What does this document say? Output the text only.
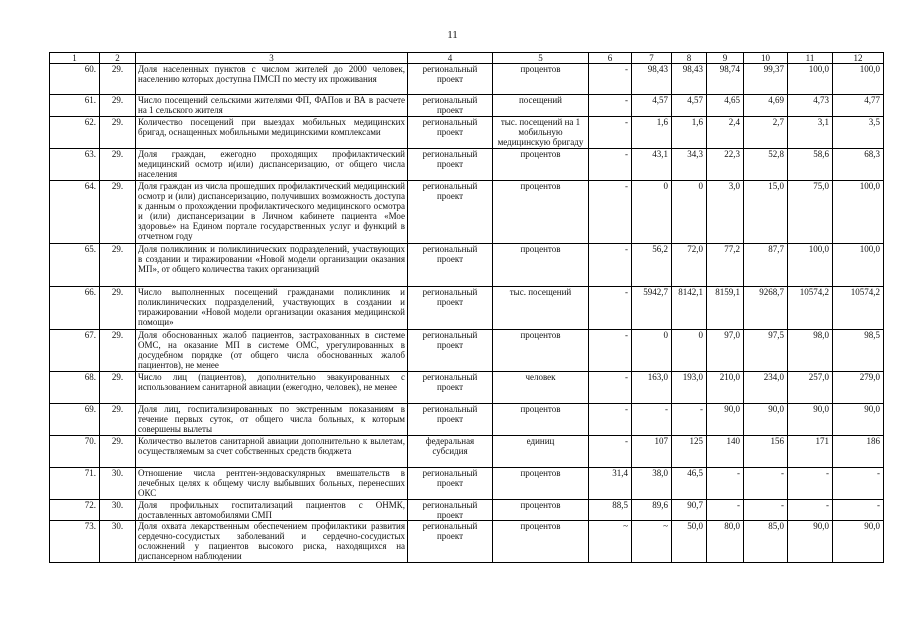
11
1	2	3	4	5	6	7	8	9	10	11	12
60.	29.	Доля населенных пунктов с числом жителей до 2000 человек, населению которых доступна ПМСП по месту их проживания	региональный проект	процентов	-	98,43	98,43	98,74	99,37	100,0	100,0
61.	29.	Число посещений сельскими жителями ФП, ФАПов и ВА в расчете на 1 сельского жителя	региональный проект	посещений	-	4,57	4,57	4,65	4,69	4,73	4,77
62.	29.	Количество посещений при выездах мобильных медицинских бригад, оснащенных мобильными медицинскими комплексами	региональный проект	тыс. посещений на 1 мобильную медицинскую бригаду	-	1,6	1,6	2,4	2,7	3,1	3,5
63.	29.	Доля граждан, ежегодно проходящих профилактический медицинский осмотр и(или) диспансеризацию, от общего числа населения	региональный проект	процентов	-	43,1	34,3	22,3	52,8	58,6	68,3
64.	29.	Доля граждан из числа прошедших профилактический медицинский осмотр и (или) диспансеризацию, получивших возможность доступа к данным о прохождении профилактического медицинского осмотра и (или) диспансеризации в Личном кабинете пациента «Мое здоровье» на Едином портале государственных услуг и функций в отчетном году	региональный проект	процентов	-	0	0	3,0	15,0	75,0	100,0
65.	29.	Доля поликлиник и поликлинических подразделений, участвующих в создании и тиражировании «Новой модели организации оказания МП», от общего количества таких организаций	региональный проект	процентов	-	56,2	72,0	77,2	87,7	100,0	100,0
66.	29.	Число выполненных посещений гражданами поликлиник и поликлинических подразделений, участвующих в создании и тиражировании «Новой модели организации оказания медицинской помощи»	региональный проект	тыс. посещений	-	5942,7	8142,1	8159,1	9268,7	10574,2	10574,2
67.	29.	Доля обоснованных жалоб пациентов, застрахованных в системе ОМС, на оказание МП в системе ОМС, урегулированных в досудебном порядке (от общего числа обоснованных жалоб пациентов), не менее	региональный проект	процентов	-	0	0	97,0	97,5	98,0	98,5
68.	29.	Число лиц (пациентов), дополнительно эвакуированных с использованием санитарной авиации (ежегодно, человек), не менее	региональный проект	человек	-	163,0	193,0	210,0	234,0	257,0	279,0
69.	29.	Доля лиц, госпитализированных по экстренным показаниям в течение первых суток, от общего числа больных, к которым совершены вылеты	региональный проект	процентов	-	-	-	90,0	90,0	90,0	90,0
70.	29.	Количество вылетов санитарной авиации дополнительно к вылетам, осуществляемым за счет собственных средств бюджета	федеральная субсидия	единиц	-	107	125	140	156	171	186
71.	30.	Отношение числа рентген-эндоваскулярных вмешательств в лечебных целях к общему числу выбывших больных, перенесших ОКС	региональный проект	процентов	31,4	38,0	46,5	-	-	-	-
72.	30.	Доля профильных госпитализаций пациентов с ОНМК, доставленных автомобилями СМП	региональный проект	процентов	88,5	89,6	90,7	-	-	-	-
73.	30.	Доля охвата лекарственным обеспечением профилактики развития сердечно-сосудистых заболеваний и сердечно-сосудистых осложнений у пациентов высокого риска, находящихся на диспансерном наблюдении	региональный проект	процентов	~	~	50,0	80,0	85,0	90,0	90,0
